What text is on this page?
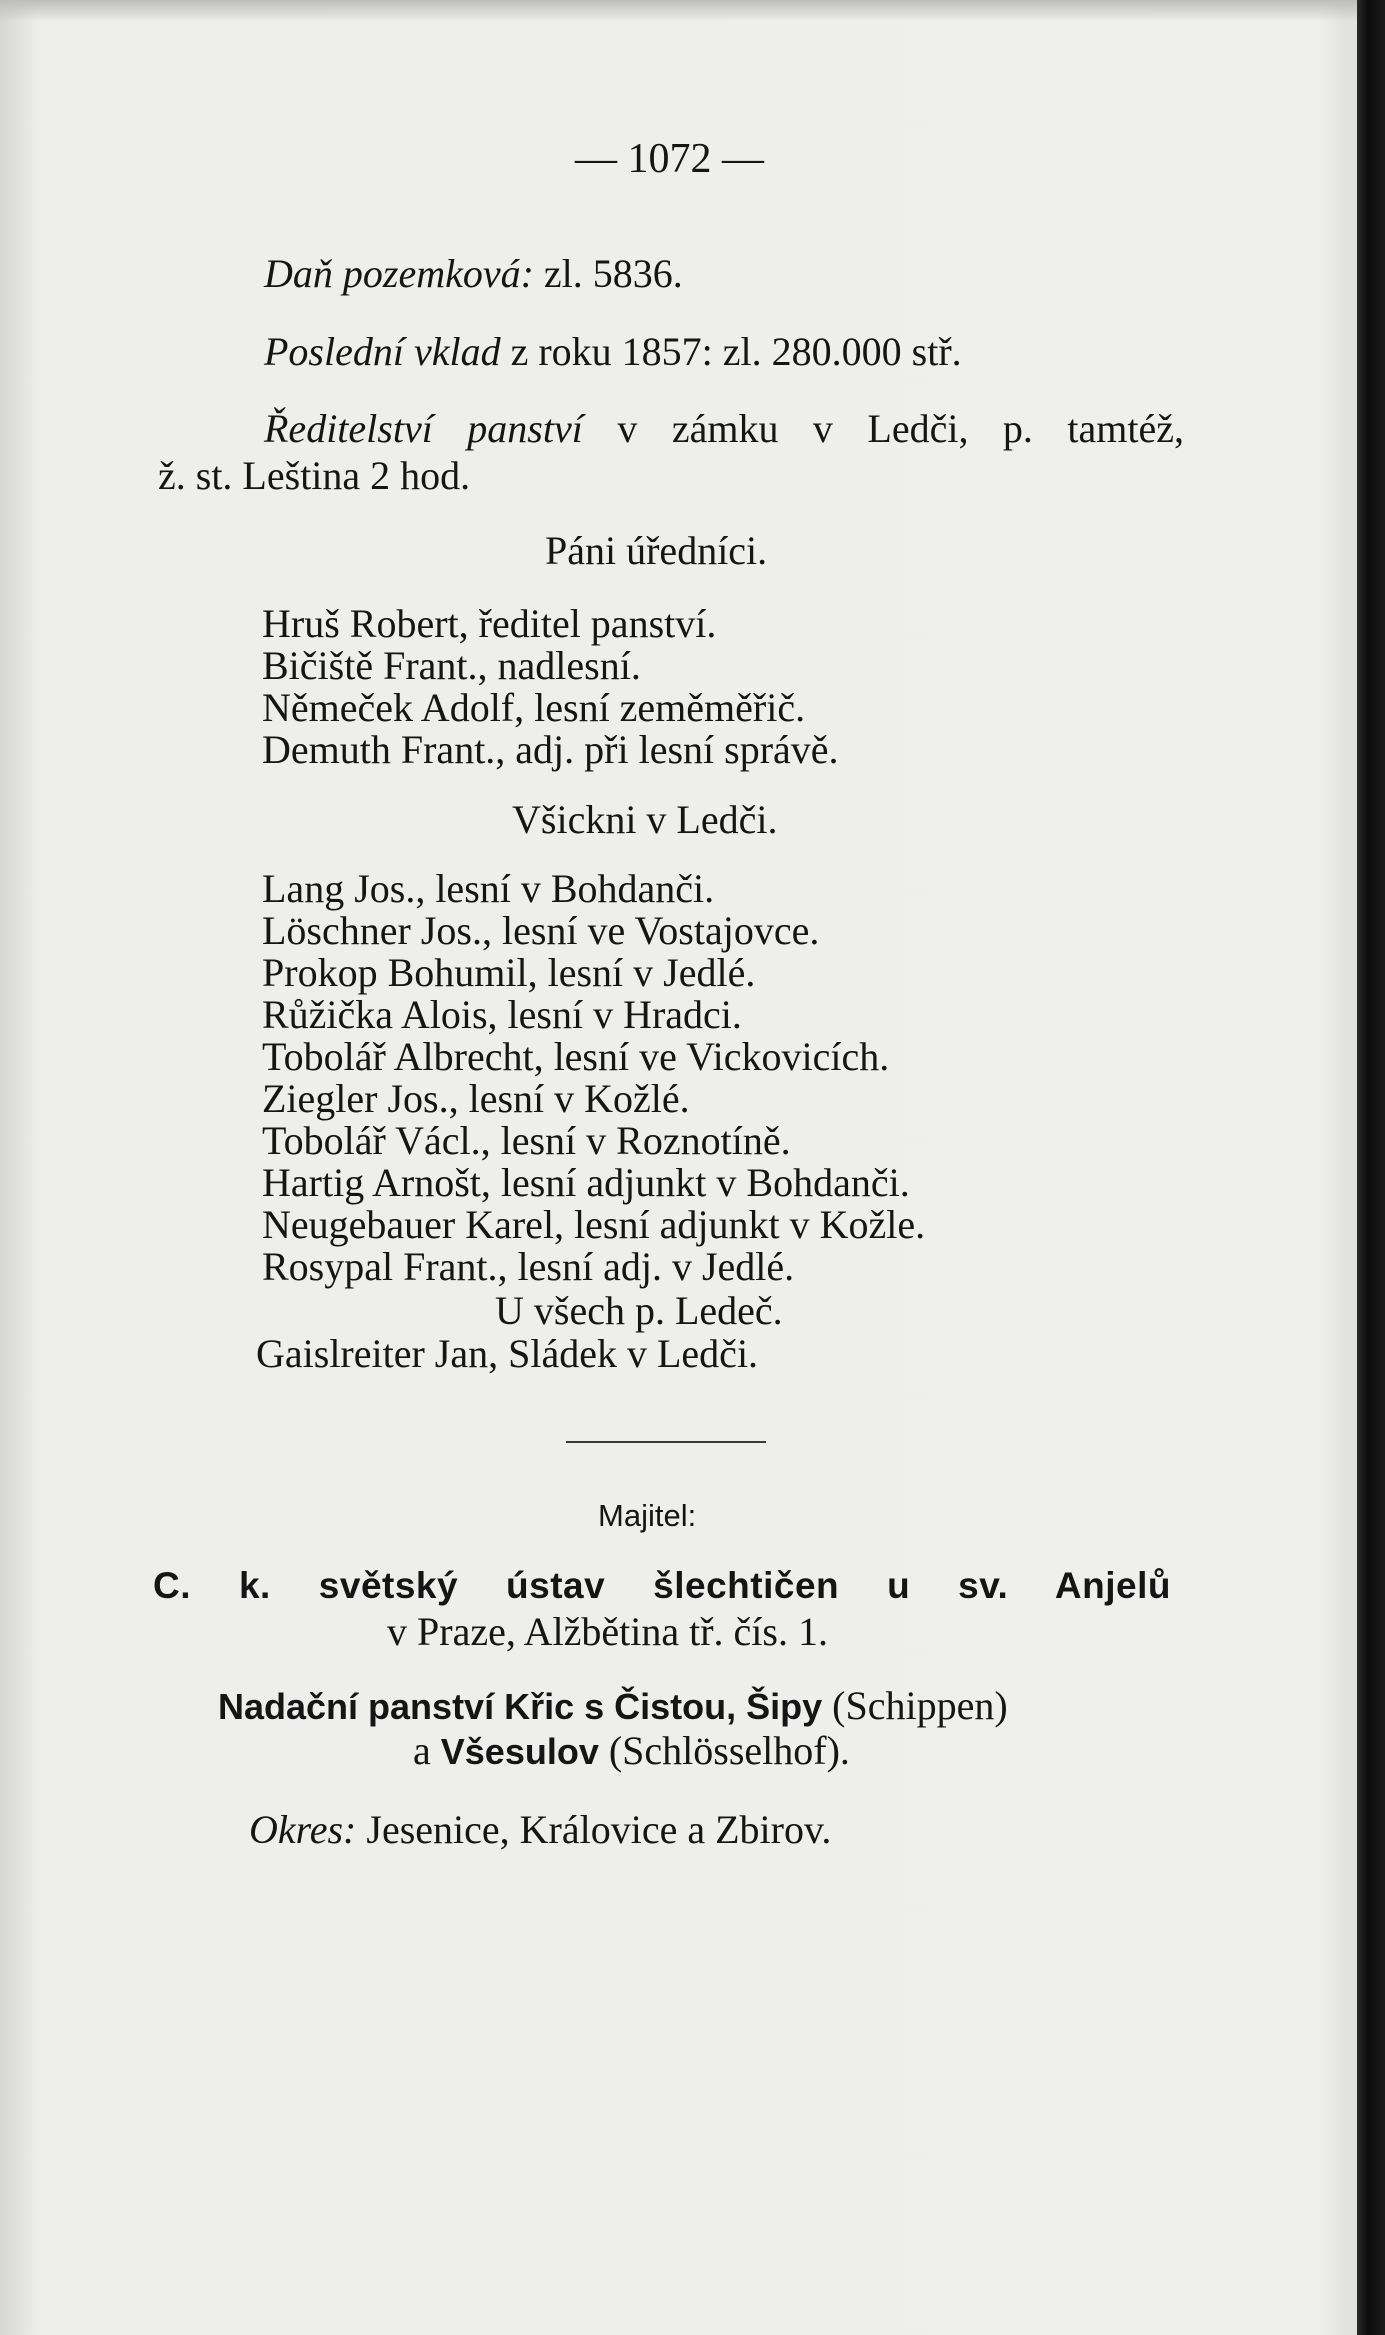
— 1072 —
Daň pozemková: zl. 5836.
Poslední vklad z roku 1857: zl. 280.000 stř.
Ředitelství panství v zámku v Ledči, p. tamtéž,
ž. st. Leština 2 hod.
Páni úředníci.
Hruš Robert, ředitel panství.
Bičiště Frant., nadlesní.
Němeček Adolf, lesní zeměměřič.
Demuth Frant., adj. při lesní správě.
Všickni v Ledči.
Lang Jos., lesní v Bohdanči.
Löschner Jos., lesní ve Vostajovce.
Prokop Bohumil, lesní v Jedlé.
Růžička Alois, lesní v Hradci.
Tobolář Albrecht, lesní ve Vickovicích.
Ziegler Jos., lesní v Kožlé.
Tobolář Václ., lesní v Roznotíně.
Hartig Arnošt, lesní adjunkt v Bohdanči.
Neugebauer Karel, lesní adjunkt v Kožle.
Rosypal Frant., lesní adj. v Jedlé.
U všech p. Ledeč.
Gaislreiter Jan, Sládek v Ledči.
Majitel:
C. k. světský ústav šlechtičen u sv. Anjelů
v Praze, Alžbětina tř. čís. 1.
Nadační panství Křic s Čistou, Šipy (Schippen)
a Všesulov (Schlösselhof).
Okres: Jesenice, Královice a Zbirov.
